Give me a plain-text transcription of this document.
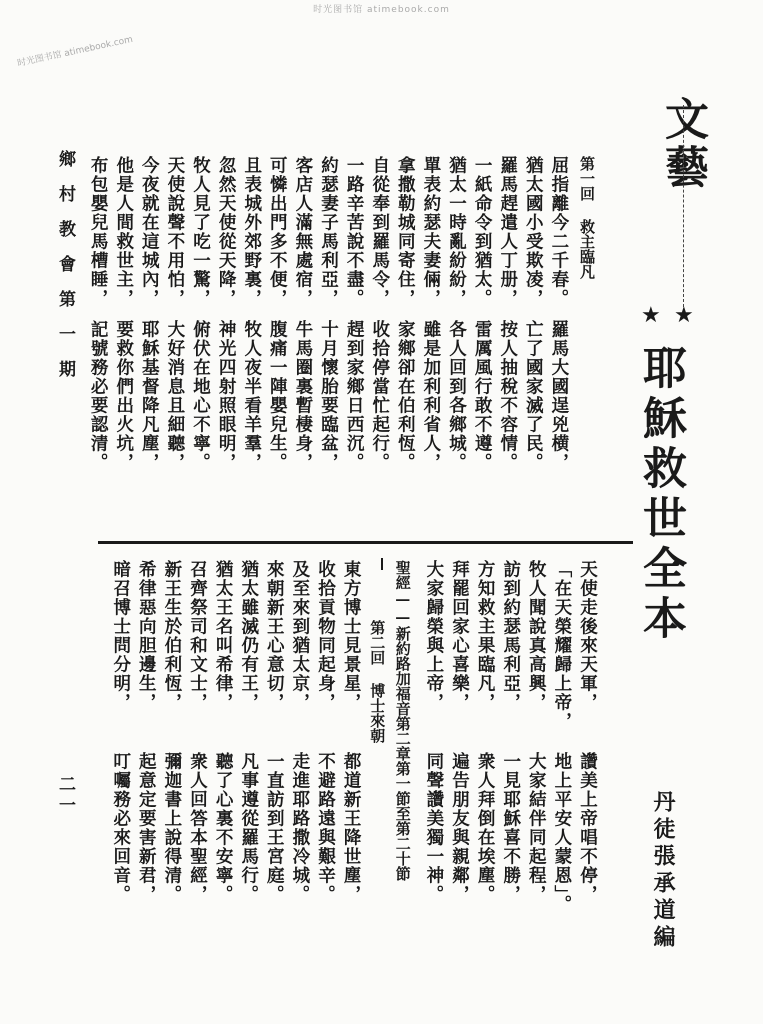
时光图书馆 atimebook.com
时光图书馆 atimebook.com
文藝
★ ★
耶穌救世全本
丹徒張承道編
第一回 救主臨凡
屈指離今二千春。
猶太國小受欺凌，
羅馬趕遣人丁册，
一紙命令到猶太。
猶太一時亂紛紛，
單表約瑟夫妻倆，
拿撒勒城同寄住，
自從奉到羅馬令，
一路辛苦說不盡。
約瑟妻子馬利亞，
客店人滿無處宿，
可憐出門多不便，
且表城外郊野裏，
忽然天使從天降，
牧人見了吃一驚，
天使說聲不用怕，
今夜就在這城內，
他是人間救世主，
布包嬰兒馬槽睡，
羅馬大國逞兇横，
亡了國家滅了民。
按人抽稅不容情。
雷厲風行敢不遵。
各人回到各鄉城。
雖是加利利省人，
家鄉卻在伯利恆。
收拾停當忙起行。
趕到家鄉日西沉。
十月懷胎要臨盆，
牛馬圈裏暫棲身，
腹痛一陣嬰兒生。
牧人夜半看羊羣，
神光四射照眼明，
俯伏在地心不寧。
大好消息且細聽，
耶穌基督降凡塵，
要救你們出火坑，
記號務必要認清。
天使走後來天軍，
「在天榮耀歸上帝，
牧人聞說真高興，
訪到約瑟馬利亞，
方知救主果臨凡，
拜罷回家心喜樂，
大家歸榮與上帝，
讚美上帝唱不停，
地上平安人蒙恩」。
大家結伴同起程，
一見耶穌喜不勝，
衆人拜倒在埃塵。
遍告朋友與親鄰，
同聲讚美獨一神。
聖經——新約路加福音第二章第一節至第二十節
第二回 博士來朝
東方博士見景星，
收拾貢物同起身，
及至來到猶太京，
來朝新王心意切，
猶太雖滅仍有王，
猶太王名叫希律，
召齊祭司和文士，
新王生於伯利恆，
希律惡向胆邊生，
暗召博士問分明，
都道新王降世塵，
不避路遠與艱辛。
走進耶路撒冷城。
一直訪到王宮庭。
凡事遵從羅馬行。
聽了心裏不安寧。
衆人回答本聖經，
彌迦書上說得清。
起意定要害新君，
叮囑務必來回音。
鄉村教會第一期
二一
